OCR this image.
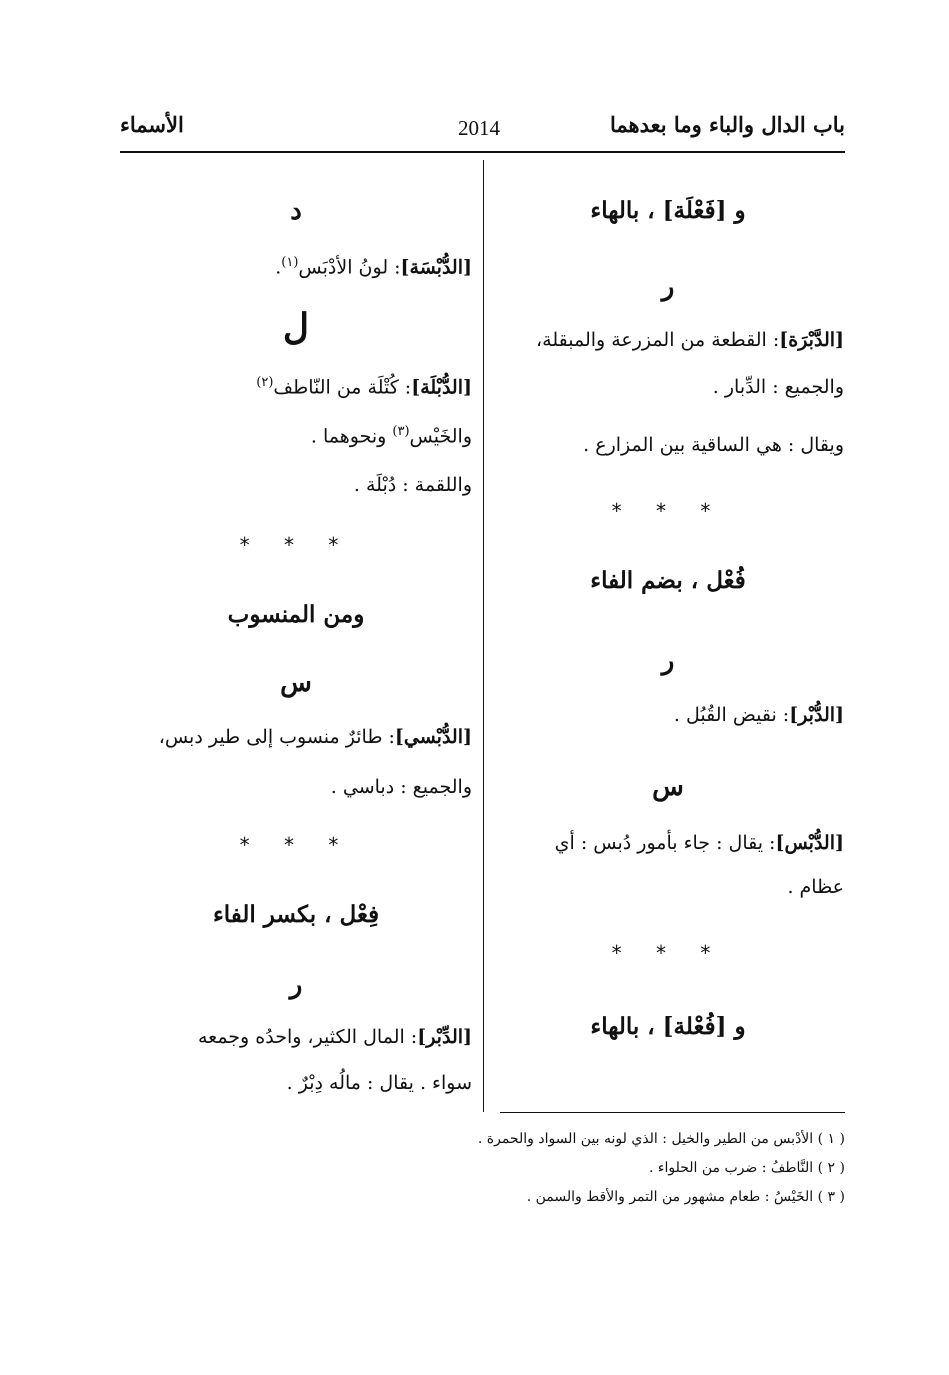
باب الدال والباء وما بعدهما
2014
الأسماء
و [فَعْلَة] ، بالهاء
ر
[الدَّبْرَة]: القطعة من المزرعة والمبقلة،
والجميع : الدِّبار .
ويقال : هي الساقية بين المزارع .
* * *
فُعْل ، بضم الفاء
ر
[الدُّبْر]: نقيض القُبُل .
س
[الدُّبْس]: يقال : جاء بأمور دُبس : أي
عظام .
* * *
و [فُعْلة] ، بالهاء
د
[الدُّبْسَة]: لونُ الأدْبَس$^{(١)}$.
ل
[الدُّبْلَة]: كُتْلَة من النّاطف$^{(٢)}$
والخَيْس$^{(٣)}$ ونحوهما .
واللقمة : دُبْلَة .
* * *
ومن المنسوب
س
[الدُّبْسي]: طائرٌ منسوب إلى طير دبس،
والجميع : دباسي .
* * *
فِعْل ، بكسر الفاء
ر
[الدِّبْر]: المال الكثير، واحدُه وجمعه
سواء . يقال : مالُه دِبْرٌ .
( ١ ) الأدْبس من الطير والخيل : الذي لونه بين السواد والحمرة .
( ٢ ) النَّاطفُ : ضرب من الحلواء .
( ٣ ) الخَيْسُ : طعام مشهور من التمر والأقط والسمن .
